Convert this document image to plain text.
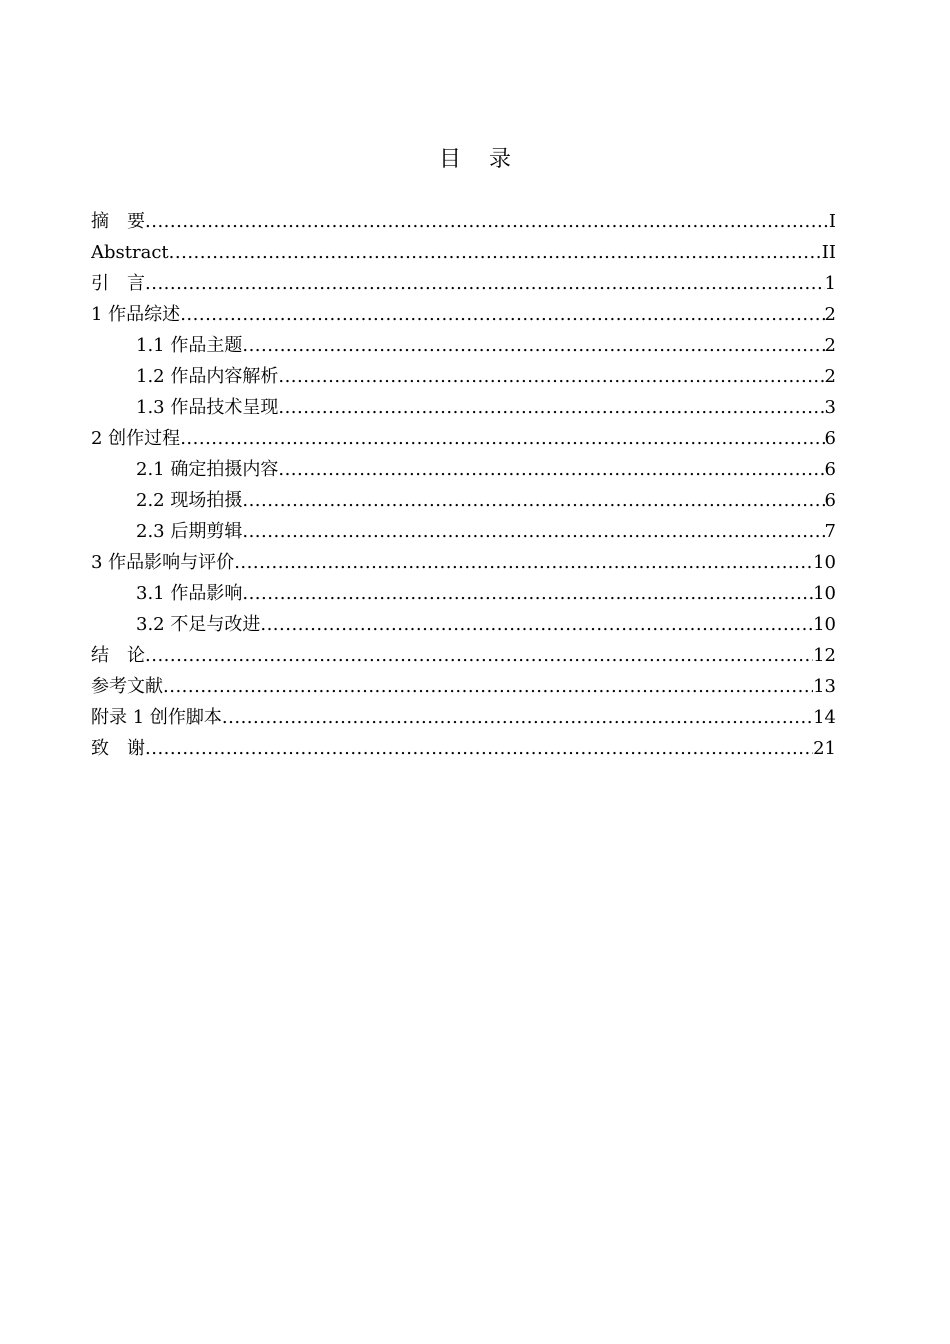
目 录
摘　要 .....	I
Abstract .....	II
引　言 .....	1
1 作品综述 .....	2
1.1 作品主题 .....	2
1.2 作品内容解析 .....	2
1.3 作品技术呈现 .....	3
2 创作过程 .....	6
2.1 确定拍摄内容 .....	6
2.2 现场拍摄 .....	6
2.3 后期剪辑 .....	7
3 作品影响与评价 .....	10
3.1 作品影响 .....	10
3.2 不足与改进 .....	10
结　论 .....	12
参考文献 .....	13
附录 1 创作脚本 .....	14
致　谢 .....	21
